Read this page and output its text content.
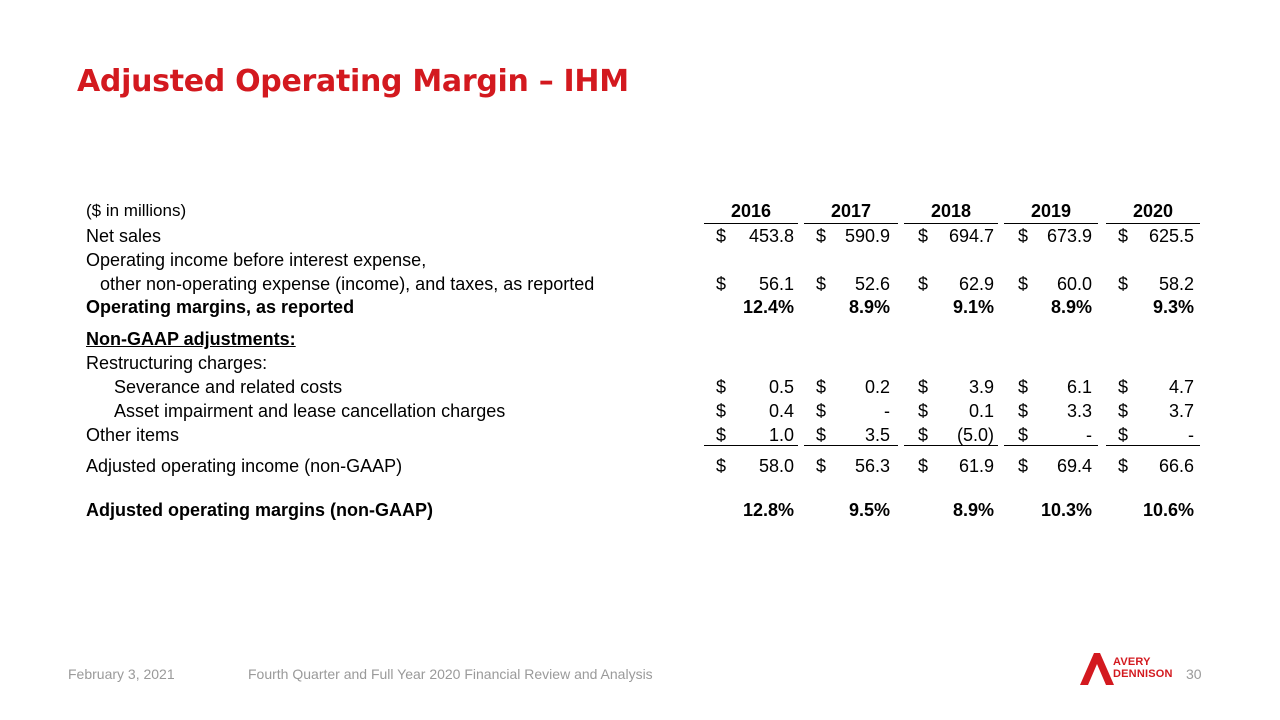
Adjusted Operating Margin – IHM
($ in millions)	2016	2017	2018	2019	2020
Net sales	$ 453.8 $ 590.9 $ 694.7 $ 673.9 $ 625.5
Operating income before interest expense,
other non-operating expense (income), and taxes, as reported	$ 56.1 $ 52.6 $ 62.9 $ 60.0 $ 58.2
Operating margins, as reported	12.4%	8.9%	9.1%	8.9%	9.3%
Non-GAAP adjustments:
Restructuring charges:
Severance and related costs	$ 0.5 $ 0.2 $ 3.9 $ 6.1 $ 4.7
Asset impairment and lease cancellation charges	$ 0.4 $	- $ 0.1 $ 3.3 $ 3.7
Other items	$ 1.0 $ 3.5 $ (5.0) $	- $	-
Adjusted operating income (non-GAAP)	$ 58.0 $ 56.3 $ 61.9 $ 69.4 $ 66.6
Adjusted operating margins (non-GAAP)	12.8%	9.5%	8.9%	10.3%	10.6%
February 3, 2021	Fourth Quarter and Full Year 2020 Financial Review and Analysis
AVERY
DENNISON 30
